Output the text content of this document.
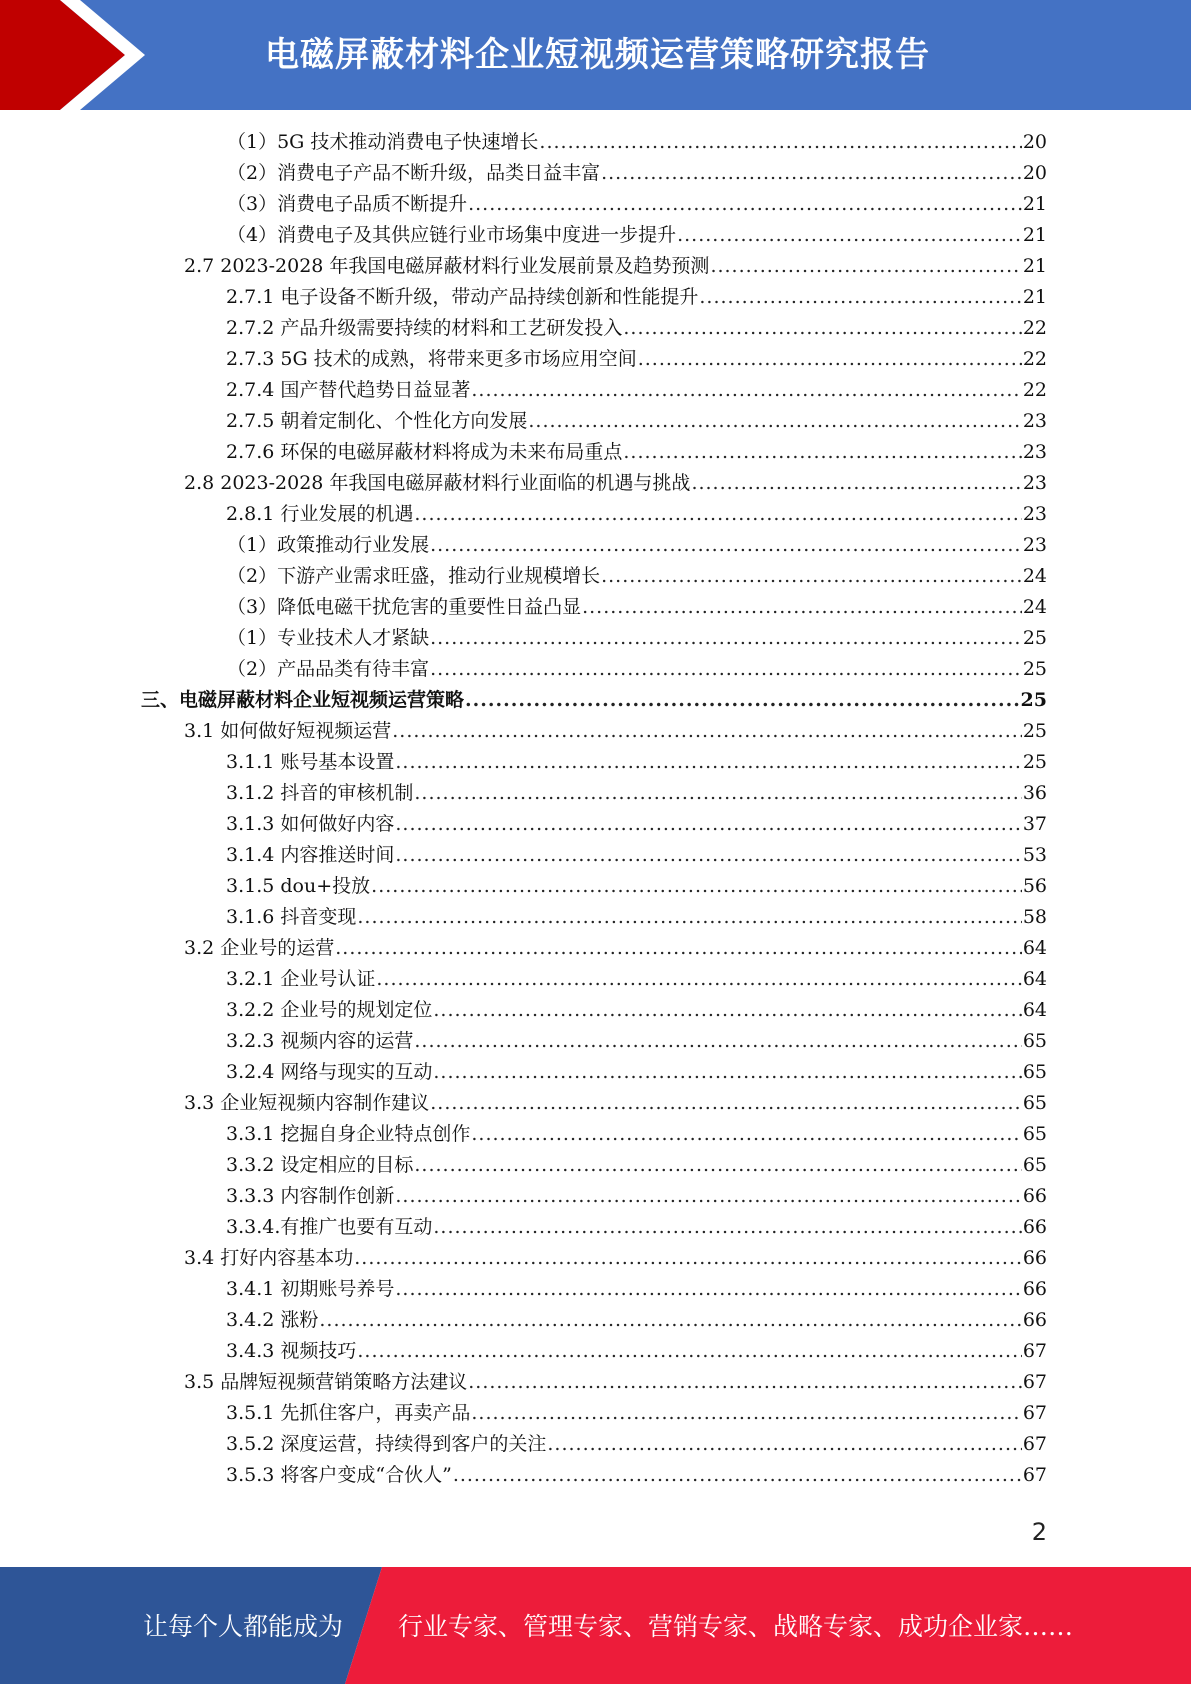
电磁屏蔽材料企业短视频运营策略研究报告
（1）5G 技术推动消费电子快速增长 .....	20
（2）消费电子产品不断升级，品类日益丰富 .....	20
（3）消费电子品质不断提升 .....	21
（4）消费电子及其供应链行业市场集中度进一步提升 .....	21
2.7 2023-2028 年我国电磁屏蔽材料行业发展前景及趋势预测 .....	21
2.7.1 电子设备不断升级，带动产品持续创新和性能提升 .....	21
2.7.2 产品升级需要持续的材料和工艺研发投入 .....	22
2.7.3 5G 技术的成熟，将带来更多市场应用空间 .....	22
2.7.4 国产替代趋势日益显著 .....	22
2.7.5 朝着定制化、个性化方向发展 .....	23
2.7.6 环保的电磁屏蔽材料将成为未来布局重点 .....	23
2.8 2023-2028 年我国电磁屏蔽材料行业面临的机遇与挑战 .....	23
2.8.1 行业发展的机遇 .....	23
（1）政策推动行业发展 .....	23
（2）下游产业需求旺盛，推动行业规模增长 .....	24
（3）降低电磁干扰危害的重要性日益凸显 .....	24
（1）专业技术人才紧缺 .....	25
（2）产品品类有待丰富 .....	25
三、电磁屏蔽材料企业短视频运营策略 .....	25
3.1 如何做好短视频运营 .....	25
3.1.1 账号基本设置 .....	25
3.1.2 抖音的审核机制 .....	36
3.1.3 如何做好内容 .....	37
3.1.4 内容推送时间 .....	53
3.1.5 dou+投放 .....	56
3.1.6 抖音变现 .....	58
3.2 企业号的运营 .....	64
3.2.1 企业号认证 .....	64
3.2.2 企业号的规划定位 .....	64
3.2.3 视频内容的运营 .....	65
3.2.4 网络与现实的互动 .....	65
3.3 企业短视频内容制作建议 .....	65
3.3.1 挖掘自身企业特点创作 .....	65
3.3.2 设定相应的目标 .....	65
3.3.3 内容制作创新 .....	66
3.3.4.有推广也要有互动 .....	66
3.4 打好内容基本功 .....	66
3.4.1 初期账号养号 .....	66
3.4.2 涨粉 .....	66
3.4.3 视频技巧 .....	67
3.5 品牌短视频营销策略方法建议 .....	67
3.5.1 先抓住客户，再卖产品 .....	67
3.5.2 深度运营，持续得到客户的关注 .....	67
3.5.3 将客户变成“合伙人” .....	67
2
让每个人都能成为 行业专家、管理专家、营销专家、战略专家、成功企业家……
